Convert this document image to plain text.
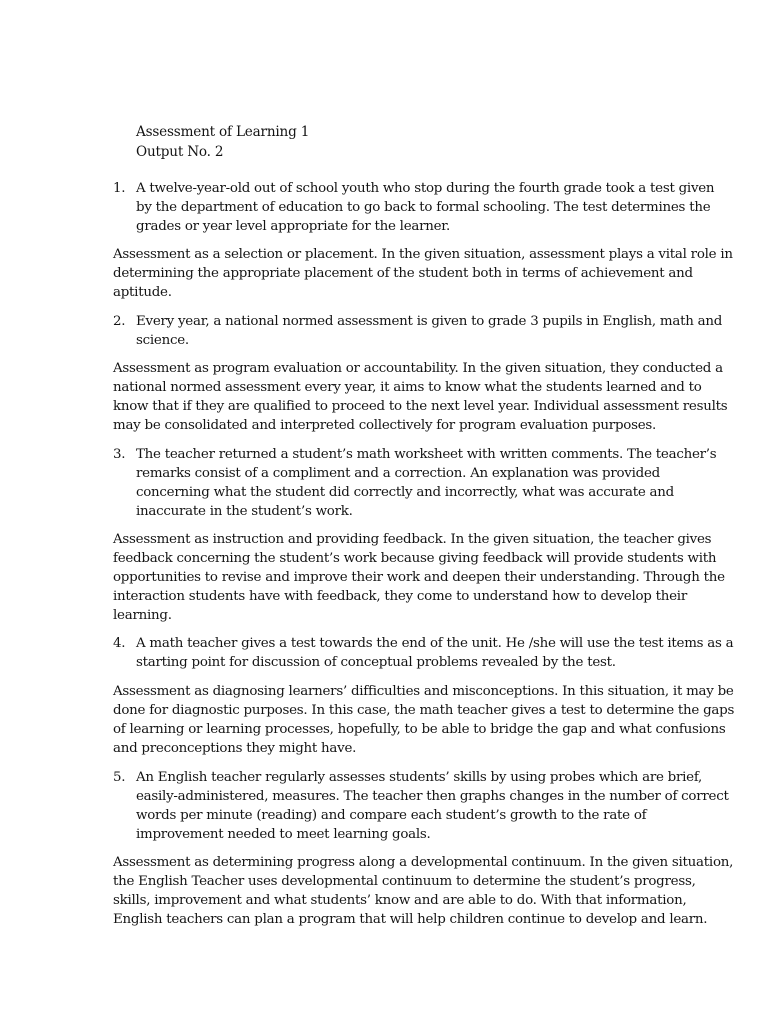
Assessment of Learning 1
Output No. 2
1. A twelve-year-old out of school youth who stop during the fourth grade took a test given
by the department of education to go back to formal schooling. The test determines the
grades or year level appropriate for the learner.
Assessment as a selection or placement. In the given situation, assessment plays a vital role in
determining the appropriate placement of the student both in terms of achievement and
aptitude.
2. Every year, a national normed assessment is given to grade 3 pupils in English, math and
science.
Assessment as program evaluation or accountability. In the given situation, they conducted a
national normed assessment every year, it aims to know what the students learned and to
know that if they are qualified to proceed to the next level year. Individual assessment results
may be consolidated and interpreted collectively for program evaluation purposes.
3. The teacher returned a student’s math worksheet with written comments. The teacher’s
remarks consist of a compliment and a correction. An explanation was provided
concerning what the student did correctly and incorrectly, what was accurate and
inaccurate in the student’s work.
Assessment as instruction and providing feedback. In the given situation, the teacher gives
feedback concerning the student’s work because giving feedback will provide students with
opportunities to revise and improve their work and deepen their understanding. Through the
interaction students have with feedback, they come to understand how to develop their
learning.
4. A math teacher gives a test towards the end of the unit. He /she will use the test items as a
starting point for discussion of conceptual problems revealed by the test.
Assessment as diagnosing learners’ difficulties and misconceptions. In this situation, it may be
done for diagnostic purposes. In this case, the math teacher gives a test to determine the gaps
of learning or learning processes, hopefully, to be able to bridge the gap and what confusions
and preconceptions they might have.
5. An English teacher regularly assesses students’ skills by using probes which are brief,
easily-administered, measures. The teacher then graphs changes in the number of correct
words per minute (reading) and compare each student’s growth to the rate of
improvement needed to meet learning goals.
Assessment as determining progress along a developmental continuum. In the given situation,
the English Teacher uses developmental continuum to determine the student’s progress,
skills, improvement and what students’ know and are able to do. With that information,
English teachers can plan a program that will help children continue to develop and learn.
